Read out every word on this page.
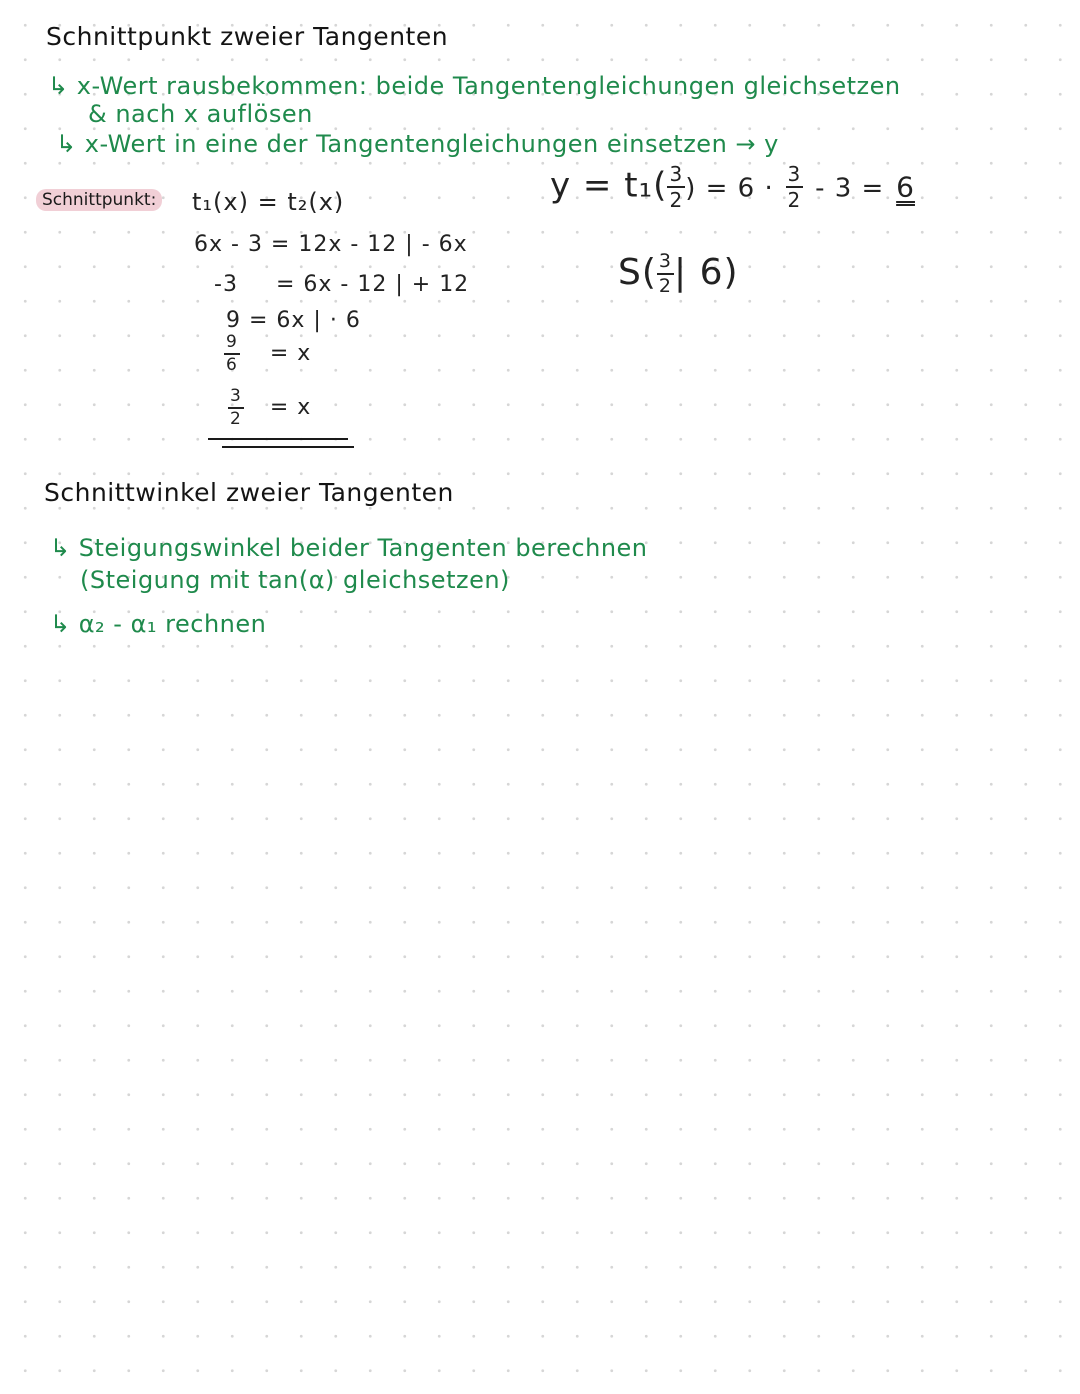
Schnittpunkt zweier Tangenten
↳ x-Wert rausbekommen: beide Tangentengleichungen gleichsetzen
& nach x auflösen
↳ x-Wert in eine der Tangentengleichungen einsetzen → y
Schnittpunkt: t₁(x) = t₂(x)
6x - 3 = 12x - 12 | - 6x
-3 = 6x - 12 | + 12
9 = 6x | · 6
$\frac{9}{6} = x$
$\frac{3}{2} = x$
$y = t_1( \frac{3}{2}$ ) = $6 \cdot \frac{3}{2} - 3 = 6$
$S( \frac{3}{2}$ | 6)
Schnittwinkel zweier Tangenten
↳ Steigungswinkel beider Tangenten berechnen
(Steigung mit tan(α) gleichsetzen)
↳ α₂ - α₁ rechnen
